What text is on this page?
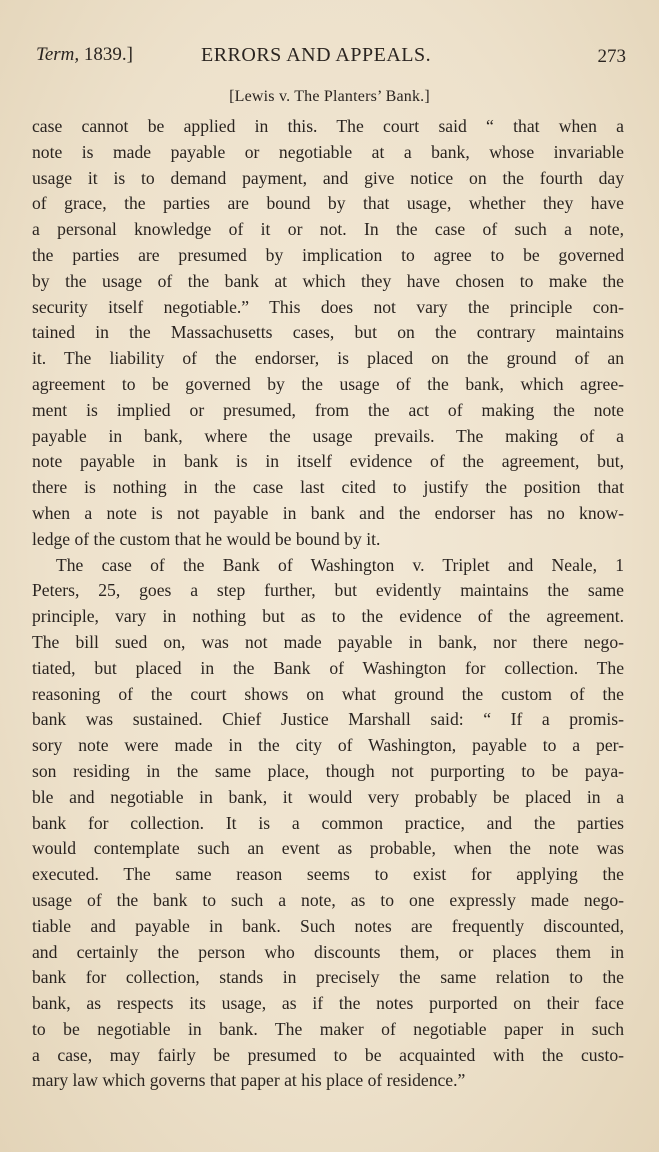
Term, 1839.]	ERRORS AND APPEALS.	273
[Lewis v. The Planters’ Bank.]

case cannot be applied in this. The court said “ that when a
note is made payable or negotiable at a bank, whose invariable
usage it is to demand payment, and give notice on the fourth day
of grace, the parties are bound by that usage, whether they have
a personal knowledge of it or not. In the case of such a note,
the parties are presumed by implication to agree to be governed
by the usage of the bank at which they have chosen to make the
security itself negotiable.” This does not vary the principle con-
tained in the Massachusetts cases, but on the contrary maintains
it. The liability of the endorser, is placed on the ground of an
agreement to be governed by the usage of the bank, which agree-
ment is implied or presumed, from the act of making the note
payable in bank, where the usage prevails. The making of a
note payable in bank is in itself evidence of the agreement, but,
there is nothing in the case last cited to justify the position that
when a note is not payable in bank and the endorser has no know-
ledge of the custom that he would be bound by it.

The case of the Bank of Washington v. Triplet and Neale, 1
Peters, 25, goes a step further, but evidently maintains the same
principle, vary in nothing but as to the evidence of the agreement.
The bill sued on, was not made payable in bank, nor there nego-
tiated, but placed in the Bank of Washington for collection. The
reasoning of the court shows on what ground the custom of the
bank was sustained. Chief Justice Marshall said: “ If a promis-
sory note were made in the city of Washington, payable to a per-
son residing in the same place, though not purporting to be paya-
ble and negotiable in bank, it would very probably be placed in a
bank for collection. It is a common practice, and the parties
would contemplate such an event as probable, when the note was
executed. The same reason seems to exist for applying the
usage of the bank to such a note, as to one expressly made nego-
tiable and payable in bank. Such notes are frequently discounted,
and certainly the person who discounts them, or places them in
bank for collection, stands in precisely the same relation to the
bank, as respects its usage, as if the notes purported on their face
to be negotiable in bank. The maker of negotiable paper in such
a case, may fairly be presumed to be acquainted with the custo-
mary law which governs that paper at his place of residence.”
